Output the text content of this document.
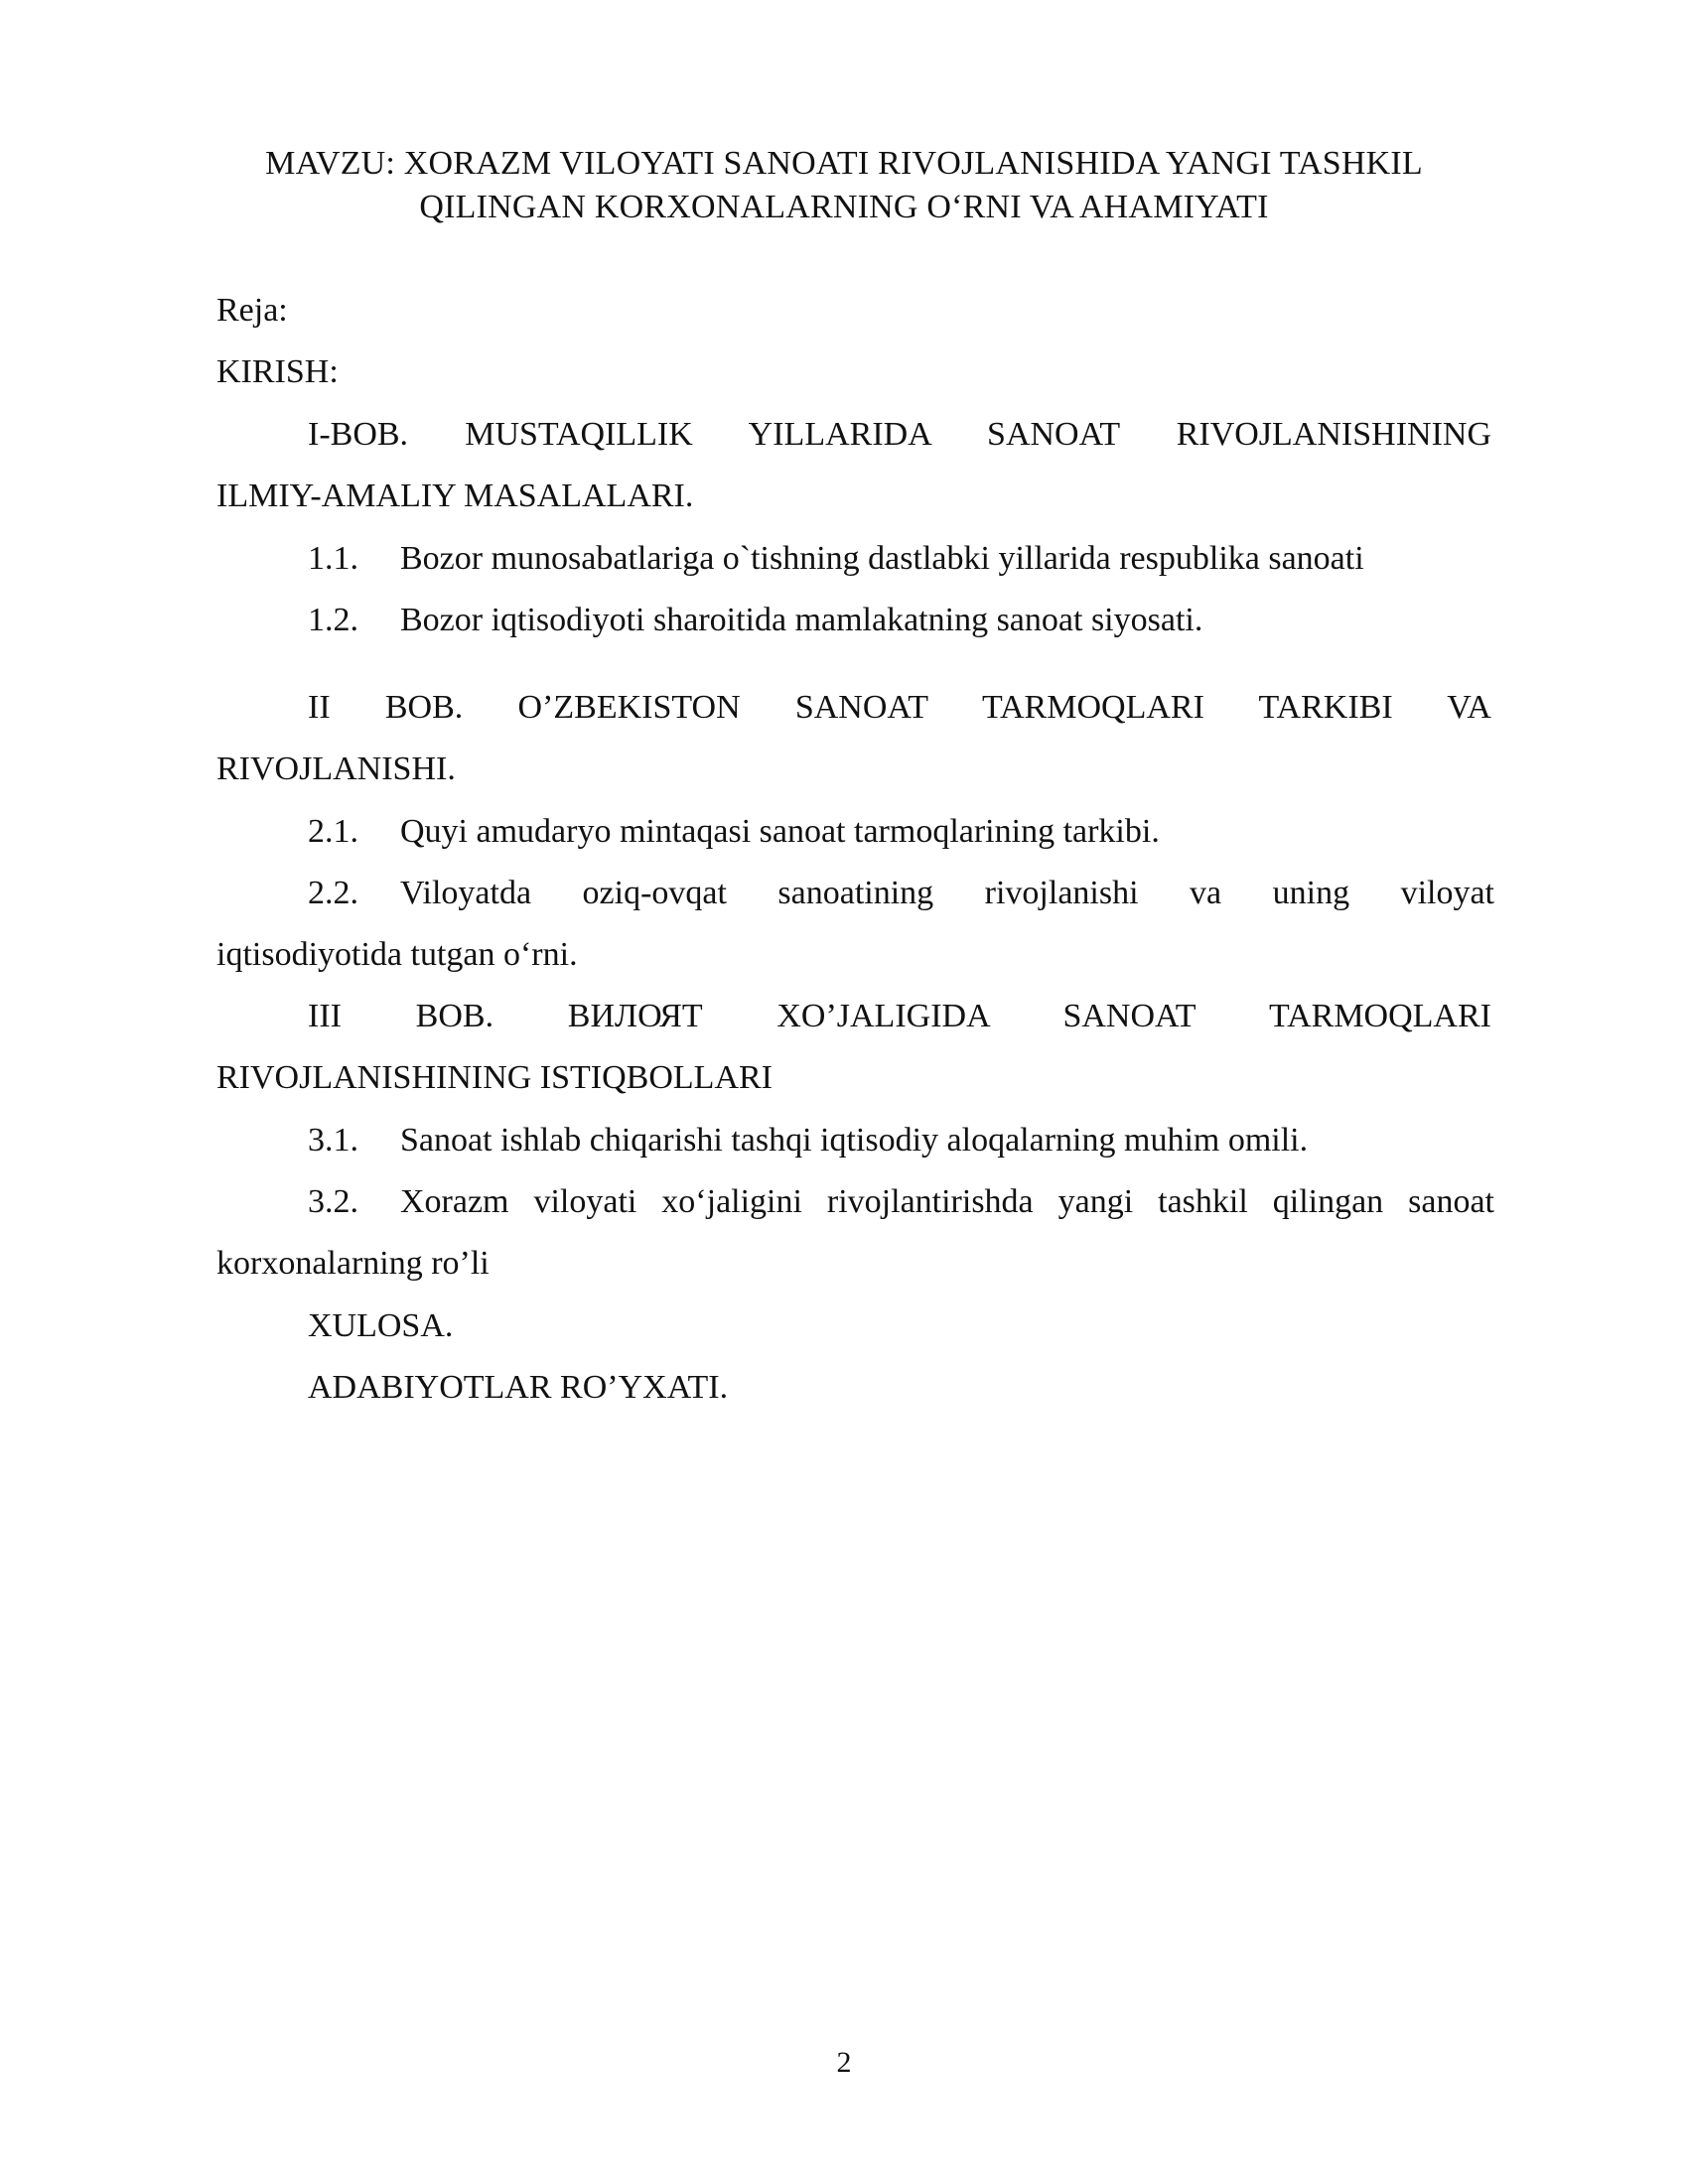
MAVZU: XORAZM VILOYATI SANOATI RIVOJLANISHIDA YANGI TASHKIL
QILINGAN KORXONALARNING O‘RNI VA AHAMIYATI
Reja:
KIRISH:
I-BOB. MUSTAQILLIK YILLARIDA SANOAT RIVOJLANISHINING
ILMIY-AMALIY MASALALARI.
1.1. Bozor munosabatlariga o`tishning dastlabki yillarida respublika sanoati
1.2. Bozor iqtisodiyoti sharoitida mamlakatning sanoat siyosati.
II BOB. O’ZBEKISTON SANOAT TARMOQLARI TARKIBI VA
RIVOJLANISHI.
2.1. Quyi amudaryo mintaqasi sanoat tarmoqlarining tarkibi.
2.2. Viloyatda oziq-ovqat sanoatining rivojlanishi va uning viloyat
iqtisodiyotida tutgan o‘rni.
III BOB. ВИЛОЯТ XO’JALIGIDA SANOAT TARMOQLARI
RIVOJLANISHINING ISTIQBOLLARI
3.1. Sanoat ishlab chiqarishi tashqi iqtisodiy aloqalarning muhim omili.
3.2. Xorazm viloyati xo‘jaligini rivojlantirishda yangi tashkil qilingan sanoat
korxonalarning ro’li
XULOSA.
ADABIYOTLAR RO’YXATI.
2
